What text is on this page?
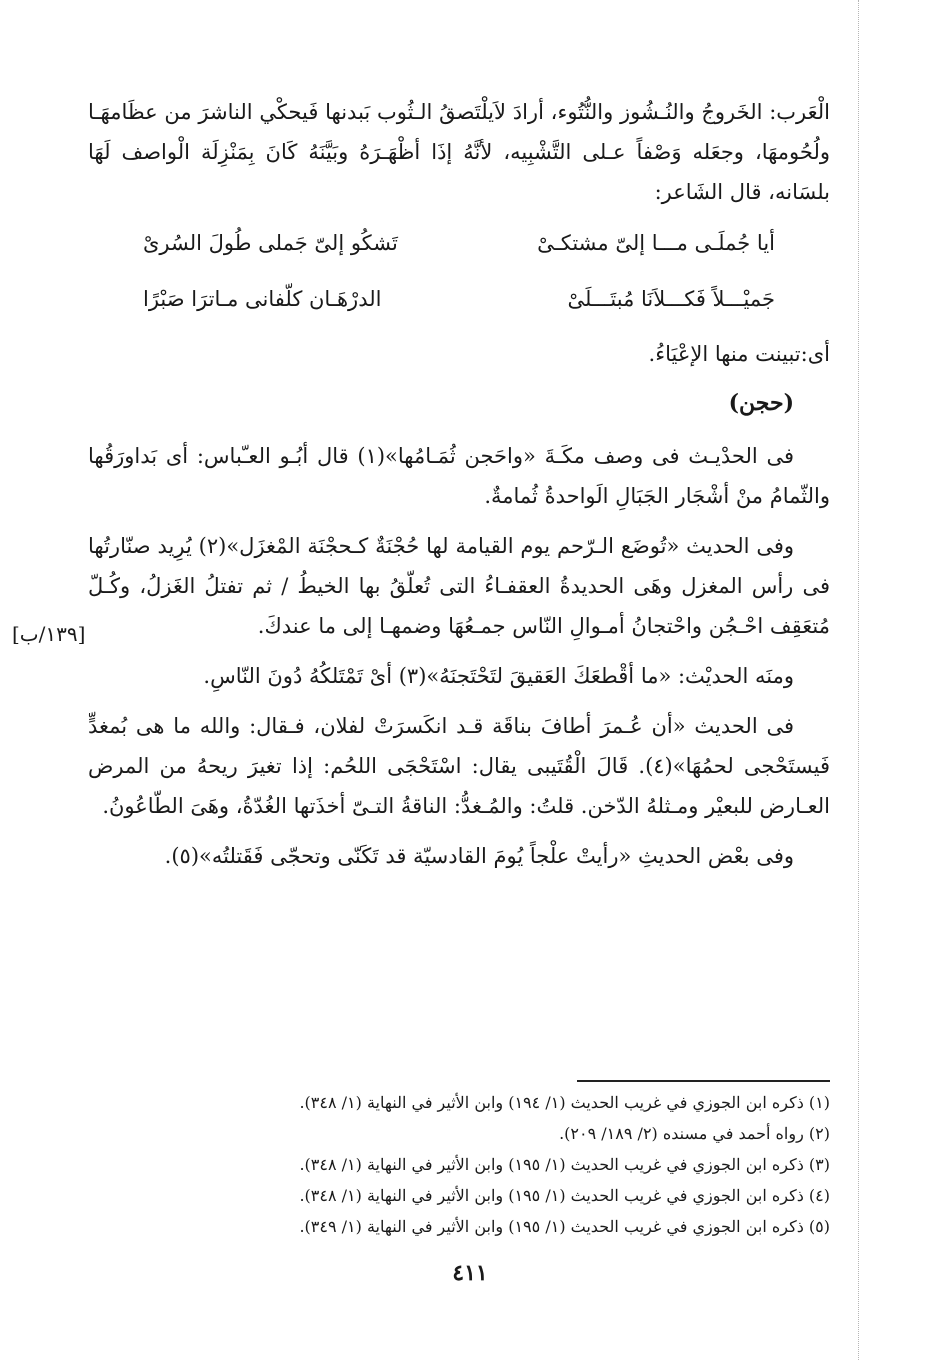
الْعَرب: الخَروجُ والنُـشُوز والنُّتُوء، أرادَ لاَيلْتَصقُ الـثُوب بَبدنها فَيحكْي الناشرَ من عظَامهَـا ولُحُومهَا، وجعَله وَصْفاً عـلى التَّشْبِيه، لأنَّهُ إذَا أظْهَـرَهُ وبَيَّنَهُ كَانَ بِمَنْزِلَة الْواصف لَهَا بلسَانه، قال الشَاعر:

أيا جُملَـى مـــا إلىّ مشتكـىْ
تَشكُو إلىّ جَملى طُولَ السُرىْ
جَميْـــلاً فَكـــلاَنَا مُبتَـــلَىْ
الدرْهَـان كلّفانى مـاترَا صَبْرًا

أى:تبينت منها الإعْيَاءُ.

(حجن)

فى الحدْيـث فى وصف مكَـةَ «واحَجن ثُمَـامُها»(١) قال أبُـو العـّباس: أى بَداورَقُها والثّمامُ منْ أشْجَار الجَبَالِ الَواحدةُ ثُمامةٌ.

وفى الحديث «تُوضَع الـرّحم يوم القيامة لها حُجْنَةٌ كـحجْنَة المْغزَل»(٢) يُرِيد صنّارتُها فى رأس المغزل وهَى الحديدةُ العقفـاءُ التى تُعلّقُ بها الخيطُ / ثم تفتلُ الغَزلُ، وكُـلّ مُتعَقِف احْـجُن واحْتجانُ أمـوالِ النّاس جمـعُهَا وضمهـا إلى ما عندكَ.

ومنَه الحديْث: «ما أقْطعَكَ العَقيقَ لتَحْتَجنَهُ»(٣) أىْ تَمْتَلكُهُ دُونَ النّاسِ.

فى الحديث «أن عُـمرَ أطافَ بناقَة قـد انكَسرَتْ لفلان، فـقال: والله ما هى بُمغدٍّ فَيستَحْجى لحمُهَا»(٤). قَالَ الْقُتَيبى يقال: اسْتَحْجَى اللحُم: إذا تغيرَ ريحهُ من المرض العـارض للبعيْر ومـثلهُ الدّخن. قلتُ: والمُـغدُّ: الناقةُ التـىّ أخذَتها الغُدّةُ، وهَىَ الطّاعُونُ.

وفى بعْض الحديثِ «رأيتْ علْجاً يُومَ القادسيّة قد تَكَنّى وتحجّى فَقَتلتُه»(٥).

[١٣٩/ب]
(١) ذكره ابن الجوزي في غريب الحديث (١/ ١٩٤) وابن الأثير في النهاية (١/ ٣٤٨).
(٢) رواه أحمد في مسنده (٢/ ١٨٩/ ٢٠٩).
(٣) ذكره ابن الجوزي في غريب الحديث (١/ ١٩٥) وابن الأثير في النهاية (١/ ٣٤٨).
(٤) ذكره ابن الجوزي في غريب الحديث (١/ ١٩٥) وابن الأثير في النهاية (١/ ٣٤٨).
(٥) ذكره ابن الجوزي في غريب الحديث (١/ ١٩٥) وابن الأثير في النهاية (١/ ٣٤٩).
٤١١
